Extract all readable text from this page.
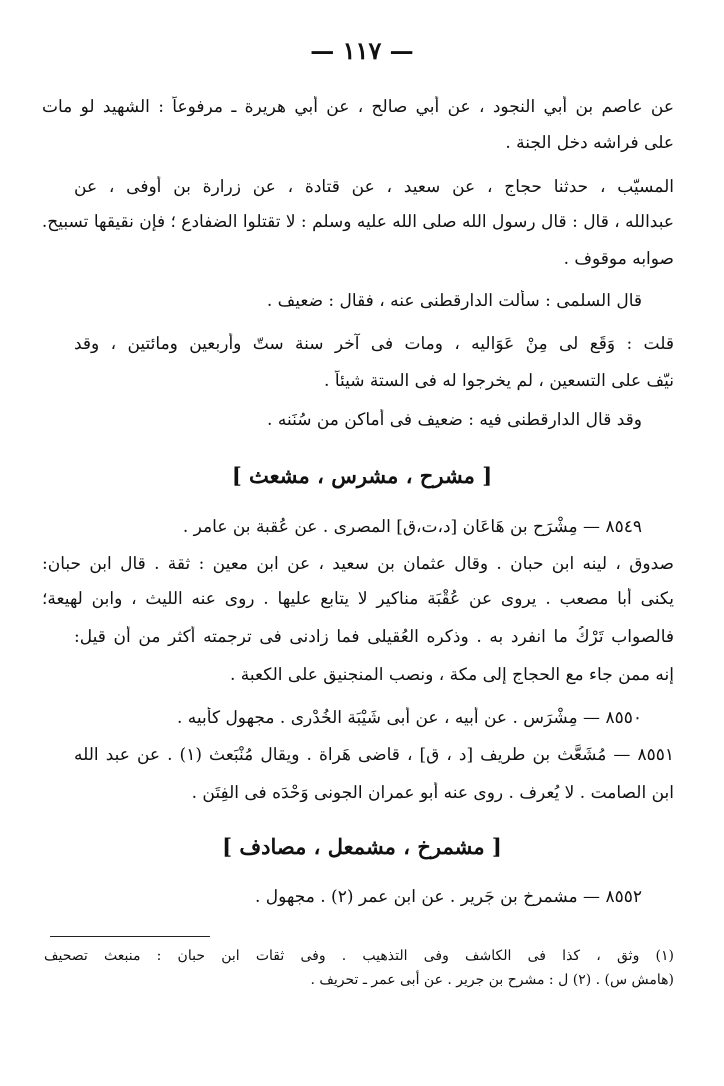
— ١١٧ —
عن عاصم بن أبي النجود ، عن أبي صالح ، عن أبي هريرة ـ مرفوعاً : الشهيد لو مات
على فراشه دخل الجنة .
المسيّب ، حدثنا حجاج ، عن سعيد ، عن قتادة ، عن زرارة بن أوفى ، عن
عبدالله ، قال : قال رسول الله صلى الله عليه وسلم : لا تقتلوا الضفادع ؛ فإن نقيقها تسبيح.
صوابه موقوف .
قال السلمى : سألت الدارقطنى عنه ، فقال : ضعيف .
قلت : وَقَع لى مِنْ عَوَاليه ، ومات فى آخر سنة ستّ وأربعين ومائتين ، وقد
نيّف على التسعين ، لم يخرجوا له فى الستة شيئاً .
وقد قال الدارقطنى فيه : ضعيف فى أماكن من سُنَنه .
[ مشرح ، مشرس ، مشعث ]
٨٥٤٩ — مِشْرَح بن هَاعَان [د،ت،ق] المصرى . عن عُقبة بن عامر .
صدوق ، لينه ابن حبان . وقال عثمان بن سعيد ، عن ابن معين : ثقة . قال ابن حبان:
يكنى أبا مصعب . يروى عن عُقْبَة مناكير لا يتابع عليها . روى عنه الليث ، وابن لهيعة؛
فالصواب تَرْكُ ما انفرد به . وذكره العُقيلى فما زادنى فى ترجمته أكثر من أن قيل:
إنه ممن جاء مع الحجاج إلى مكة ، ونصب المنجنيق على الكعبة .
٨٥٥٠ — مِشْرَس . عن أبيه ، عن أبى شَيْبَة الخُدْرى . مجهول كأبيه .
٨٥٥١ — مُشَعَّث بن طريف [د ، ق] ، قاضى هَراة . ويقال مُنْبَعث (١) . عن عبد الله
ابن الصامت . لا يُعرف . روى عنه أبو عمران الجونى وَحْدَه فى الفِتَن .
[ مشمرخ ، مشمعل ، مصادف ]
٨٥٥٢ — مشمرخ بن جَرير . عن ابن عمر (٢) . مجهول .
(١) وثق ، كذا فى الكاشف وفى التذهيب . وفى ثقات ابن حبان : منبعث تصحيف
(هامش س) . (٢) ل : مشرح بن جرير . عن أبى عمر ـ تحريف .
